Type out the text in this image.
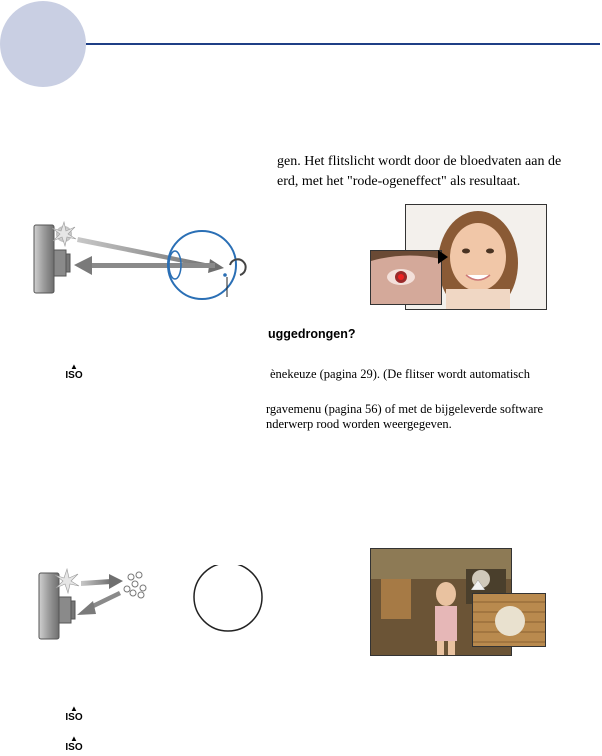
gen. Het flitslicht wordt door de bloedvaten aan de
erd, met het "rode-ogeneffect" als resultaat.
uggedrongen?
▲
ISO	ènekeuze (pagina 29). (De flitser wordt automatisch
rgavemenu (pagina 56) of met de bijgeleverde software
nderwerp rood worden weergegeven.
▲
ISO
▲
ISO
